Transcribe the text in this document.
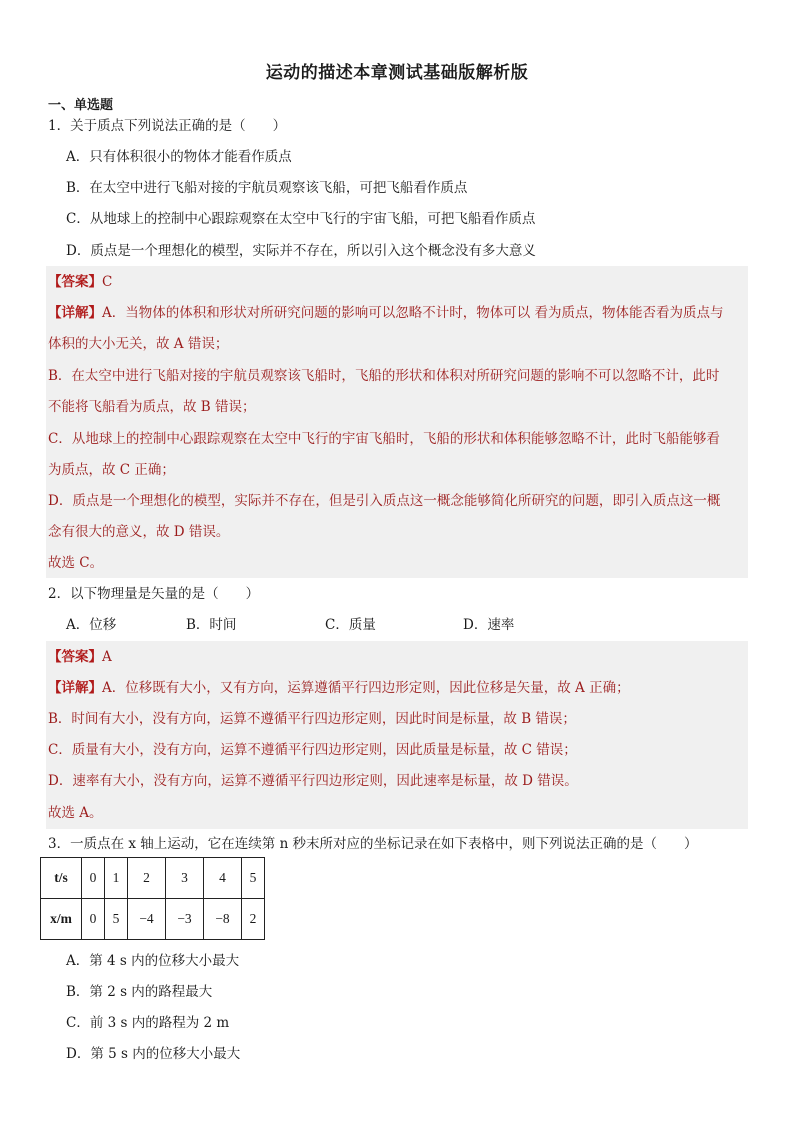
运动的描述本章测试基础版解析版
一、单选题
1．关于质点下列说法正确的是（　　）
A．只有体积很小的物体才能看作质点
B．在太空中进行飞船对接的宇航员观察该飞船，可把飞船看作质点
C．从地球上的控制中心跟踪观察在太空中飞行的宇宙飞船，可把飞船看作质点
D．质点是一个理想化的模型，实际并不存在，所以引入这个概念没有多大意义
【答案】C
【详解】A．当物体的体积和形状对所研究问题的影响可以忽略不计时，物体可以 看为质点，物体能否看为质点与
体积的大小无关，故 A 错误；
B．在太空中进行飞船对接的宇航员观察该飞船时，飞船的形状和体积对所研究问题的影响不可以忽略不计，此时
不能将飞船看为质点，故 B 错误；
C．从地球上的控制中心跟踪观察在太空中飞行的宇宙飞船时，飞船的形状和体积能够忽略不计，此时飞船能够看
为质点，故 C 正确；
D．质点是一个理想化的模型，实际并不存在，但是引入质点这一概念能够简化所研究的问题，即引入质点这一概
念有很大的意义，故 D 错误。
故选 C。
2．以下物理量是矢量的是（　　）
A．位移	B．时间	C．质量	D．速率
【答案】A
【详解】A．位移既有大小，又有方向，运算遵循平行四边形定则，因此位移是矢量，故 A 正确；
B．时间有大小，没有方向，运算不遵循平行四边形定则，因此时间是标量，故 B 错误；
C．质量有大小，没有方向，运算不遵循平行四边形定则，因此质量是标量，故 C 错误；
D．速率有大小，没有方向，运算不遵循平行四边形定则，因此速率是标量，故 D 错误。
故选 A。
3．一质点在 x 轴上运动，它在连续第 n 秒末所对应的坐标记录在如下表格中，则下列说法正确的是（　　）
t/s	0	1	2	3	4	5
x/m	0	5	−4	−3	−8	2
A．第 4 s 内的位移大小最大
B．第 2 s 内的路程最大
C．前 3 s 内的路程为 2 m
D．第 5 s 内的位移大小最大
